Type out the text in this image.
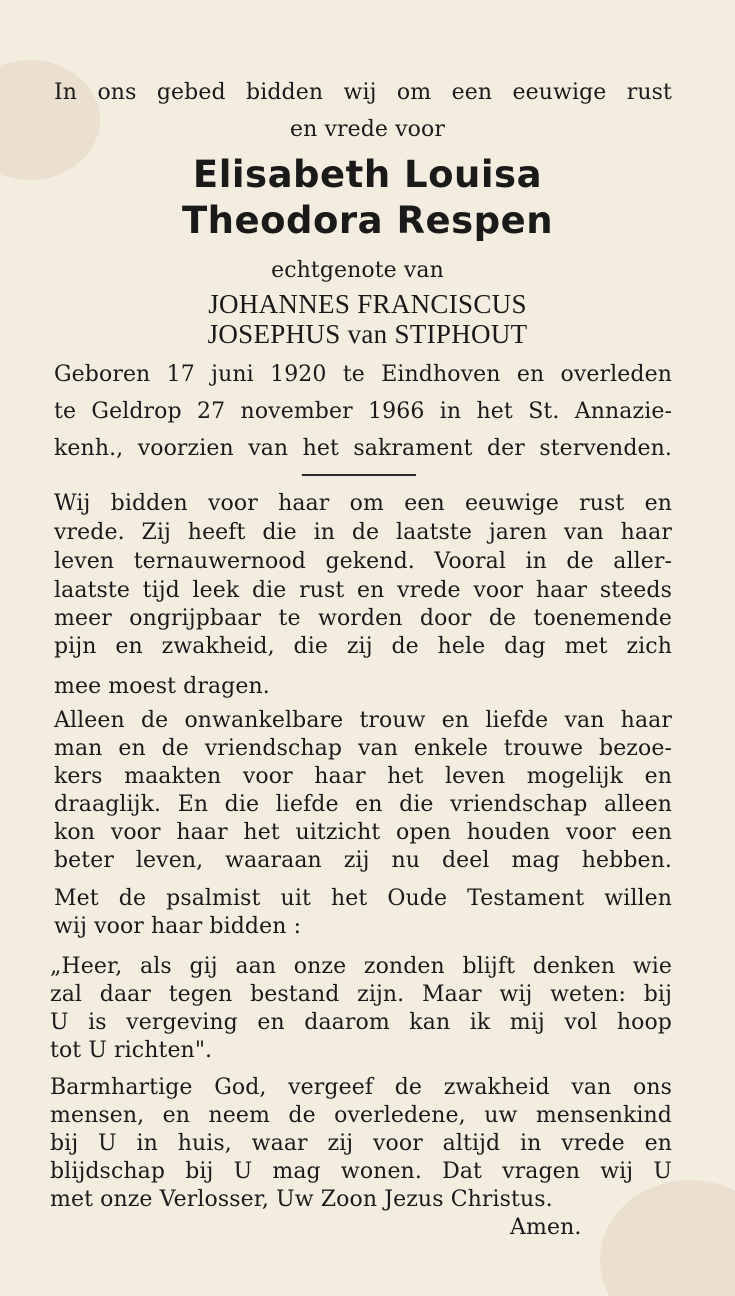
In ons gebed bidden wij om een eeuwige rust
en vrede voor
Elisabeth Louisa
Theodora Respen
echtgenote van
JOHANNES FRANCISCUS
JOSEPHUS van STIPHOUT
Geboren 17 juni 1920 te Eindhoven en overleden
te Geldrop 27 november 1966 in het St. Annazie-
kenh., voorzien van het sakrament der stervenden.
Wij bidden voor haar om een eeuwige rust en
vrede. Zij heeft die in de laatste jaren van haar
leven ternauwernood gekend. Vooral in de aller-
laatste tijd leek die rust en vrede voor haar steeds
meer ongrijpbaar te worden door de toenemende
pijn en zwakheid, die zij de hele dag met zich
mee moest dragen.
Alleen de onwankelbare trouw en liefde van haar
man en de vriendschap van enkele trouwe bezoe-
kers maakten voor haar het leven mogelijk en
draaglijk. En die liefde en die vriendschap alleen
kon voor haar het uitzicht open houden voor een
beter leven, waaraan zij nu deel mag hebben.
Met de psalmist uit het Oude Testament willen
wij voor haar bidden :
„Heer, als gij aan onze zonden blijft denken wie
zal daar tegen bestand zijn. Maar wij weten: bij
U is vergeving en daarom kan ik mij vol hoop
tot U richten".
Barmhartige God, vergeef de zwakheid van ons
mensen, en neem de overledene, uw mensenkind
bij U in huis, waar zij voor altijd in vrede en
blijdschap bij U mag wonen. Dat vragen wij U
met onze Verlosser, Uw Zoon Jezus Christus.
Amen.
